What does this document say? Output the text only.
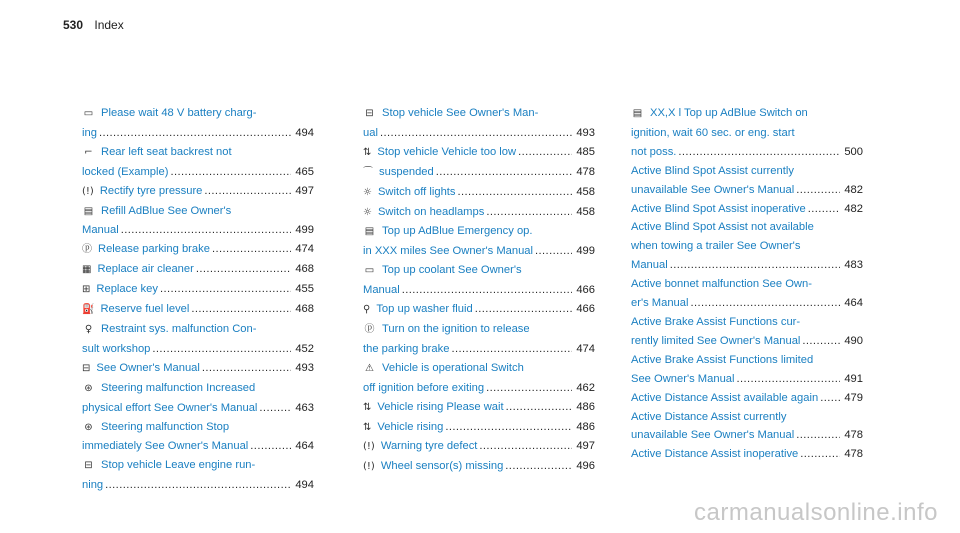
530 Index
▭ Please wait 48 V battery charg-
ing .....	494
⌐ Rear left seat backrest not
locked (Example) .....	465
(!) Rectify tyre pressure .....	497
▤ Refill AdBlue See Owner's
Manual .....	499
ⓟ Release parking brake .....	474
▦ Replace air cleaner .....	468
⊞ Replace key .....	455
⛽ Reserve fuel level .....	468
♀ Restraint sys. malfunction Con-
sult workshop .....	452
⊟ See Owner's Manual .....	493
⊛ Steering malfunction Increased
physical effort See Owner's Manual .....	463
⊛ Steering malfunction Stop
immediately See Owner's Manual .....	464
⊟ Stop vehicle Leave engine run-
ning .....	494
⊟ Stop vehicle See Owner's Man-
ual .....	493
⇅ Stop vehicle Vehicle too low .....	485
⌒ suspended .....	478
☼ Switch off lights .....	458
☼ Switch on headlamps .....	458
▤ Top up AdBlue Emergency op.
in XXX miles See Owner's Manual .....	499
▭ Top up coolant See Owner's
Manual .....	466
⚲ Top up washer fluid .....	466
ⓟ Turn on the ignition to release
the parking brake .....	474
⚠ Vehicle is operational Switch
off ignition before exiting .....	462
⇅ Vehicle rising Please wait .....	486
⇅ Vehicle rising .....	486
(!) Warning tyre defect .....	497
(!) Wheel sensor(s) missing .....	496
▤ XX,X l Top up AdBlue Switch on
ignition, wait 60 sec. or eng. start
not poss. .....	500
Active Blind Spot Assist currently
unavailable See Owner's Manual .....	482
Active Blind Spot Assist inoperative .....	482
Active Blind Spot Assist not available
when towing a trailer See Owner's
Manual .....	483
Active bonnet malfunction See Own-
er's Manual .....	464
Active Brake Assist Functions cur-
rently limited See Owner's Manual .....	490
Active Brake Assist Functions limited
See Owner's Manual .....	491
Active Distance Assist available again ..... 479
Active Distance Assist currently
unavailable See Owner's Manual .....	478
Active Distance Assist inoperative .....	478
carmanualsonline.info
